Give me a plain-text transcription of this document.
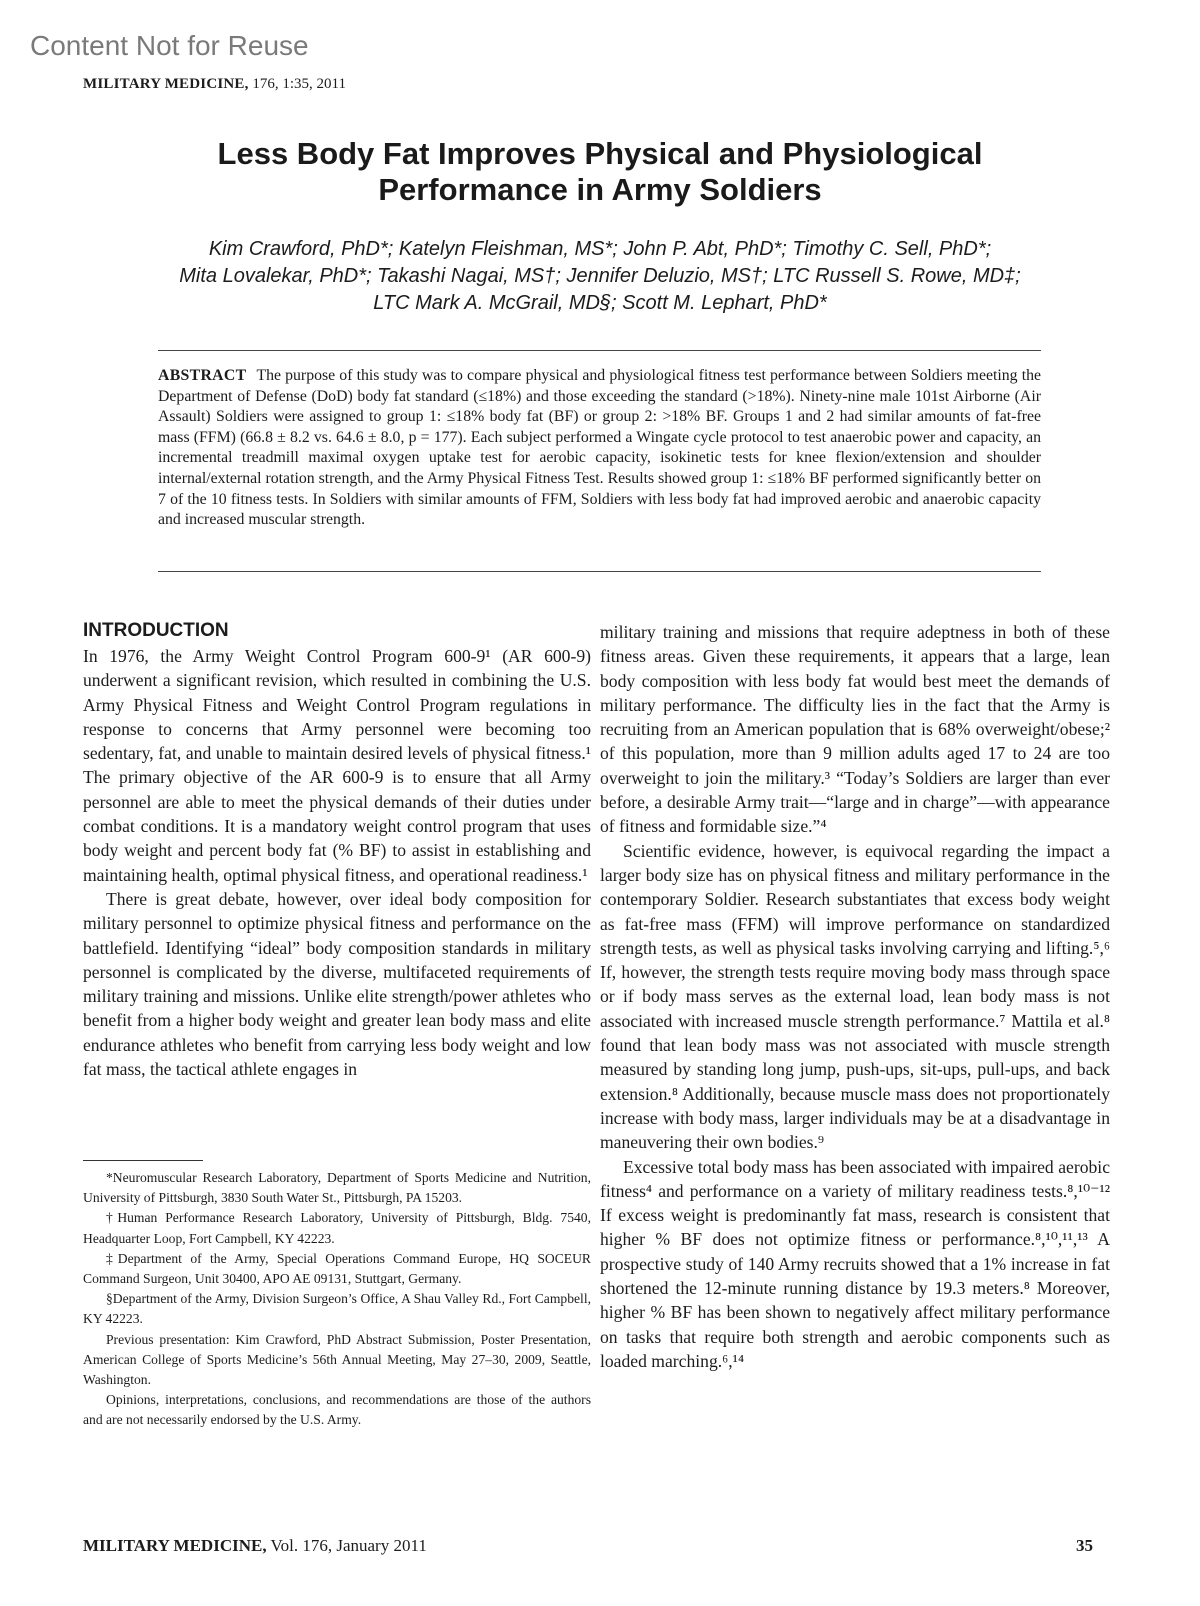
Content Not for Reuse
MILITARY MEDICINE, 176, 1:35, 2011
Less Body Fat Improves Physical and Physiological
Performance in Army Soldiers
Kim Crawford, PhD*; Katelyn Fleishman, MS*; John P. Abt, PhD*; Timothy C. Sell, PhD*;
Mita Lovalekar, PhD*; Takashi Nagai, MS†; Jennifer Deluzio, MS†; LTC Russell S. Rowe, MD‡;
LTC Mark A. McGrail, MD§; Scott M. Lephart, PhD*
ABSTRACT The purpose of this study was to compare physical and physiological fitness test performance between Soldiers meeting the Department of Defense (DoD) body fat standard (≤18%) and those exceeding the standard (>18%). Ninety-nine male 101st Airborne (Air Assault) Soldiers were assigned to group 1: ≤18% body fat (BF) or group 2: >18% BF. Groups 1 and 2 had similar amounts of fat-free mass (FFM) (66.8 ± 8.2 vs. 64.6 ± 8.0, p = 177). Each subject performed a Wingate cycle protocol to test anaerobic power and capacity, an incremental treadmill maximal oxygen uptake test for aerobic capacity, isokinetic tests for knee flexion/extension and shoulder internal/external rotation strength, and the Army Physical Fitness Test. Results showed group 1: ≤18% BF performed significantly better on 7 of the 10 fitness tests. In Soldiers with similar amounts of FFM, Soldiers with less body fat had improved aerobic and anaerobic capacity and increased muscular strength.
INTRODUCTION

In 1976, the Army Weight Control Program 600-9¹ (AR 600-9) underwent a significant revision, which resulted in combining the U.S. Army Physical Fitness and Weight Control Program regulations in response to concerns that Army personnel were becoming too sedentary, fat, and unable to maintain desired levels of physical fitness.¹ The primary objective of the AR 600-9 is to ensure that all Army personnel are able to meet the physical demands of their duties under combat conditions. It is a mandatory weight control program that uses body weight and percent body fat (% BF) to assist in establishing and maintaining health, optimal physical fitness, and operational readiness.¹

There is great debate, however, over ideal body composition for military personnel to optimize physical fitness and performance on the battlefield. Identifying “ideal” body composition standards in military personnel is complicated by the diverse, multifaceted requirements of military training and missions. Unlike elite strength/power athletes who benefit from a higher body weight and greater lean body mass and elite endurance athletes who benefit from carrying less body weight and low fat mass, the tactical athlete engages in

*Neuromuscular Research Laboratory, Department of Sports Medicine and Nutrition, University of Pittsburgh, 3830 South Water St., Pittsburgh, PA 15203.

†Human Performance Research Laboratory, University of Pittsburgh, Bldg. 7540, Headquarter Loop, Fort Campbell, KY 42223.

‡Department of the Army, Special Operations Command Europe, HQ SOCEUR Command Surgeon, Unit 30400, APO AE 09131, Stuttgart, Germany.

§Department of the Army, Division Surgeon’s Office, A Shau Valley Rd., Fort Campbell, KY 42223.

Previous presentation: Kim Crawford, PhD Abstract Submission, Poster Presentation, American College of Sports Medicine’s 56th Annual Meeting, May 27–30, 2009, Seattle, Washington.

Opinions, interpretations, conclusions, and recommendations are those of the authors and are not necessarily endorsed by the U.S. Army.

military training and missions that require adeptness in both of these fitness areas. Given these requirements, it appears that a large, lean body composition with less body fat would best meet the demands of military performance. The difficulty lies in the fact that the Army is recruiting from an American population that is 68% overweight/obese;² of this population, more than 9 million adults aged 17 to 24 are too overweight to join the military.³ “Today’s Soldiers are larger than ever before, a desirable Army trait—“large and in charge”—with appearance of fitness and formidable size.”⁴

Scientific evidence, however, is equivocal regarding the impact a larger body size has on physical fitness and military performance in the contemporary Soldier. Research substantiates that excess body weight as fat-free mass (FFM) will improve performance on standardized strength tests, as well as physical tasks involving carrying and lifting.⁵,⁶ If, however, the strength tests require moving body mass through space or if body mass serves as the external load, lean body mass is not associated with increased muscle strength performance.⁷ Mattila et al.⁸ found that lean body mass was not associated with muscle strength measured by standing long jump, push-ups, sit-ups, pull-ups, and back extension.⁸ Additionally, because muscle mass does not proportionately increase with body mass, larger individuals may be at a disadvantage in maneuvering their own bodies.⁹

Excessive total body mass has been associated with impaired aerobic fitness⁴ and performance on a variety of military readiness tests.⁸,¹⁰⁻¹² If excess weight is predominantly fat mass, research is consistent that higher % BF does not optimize fitness or performance.⁸,¹⁰,¹¹,¹³ A prospective study of 140 Army recruits showed that a 1% increase in fat shortened the 12-minute running distance by 19.3 meters.⁸ Moreover, higher % BF has been shown to negatively affect military performance on tasks that require both strength and aerobic components such as loaded marching.⁶,¹⁴

MILITARY MEDICINE, Vol. 176, January 2011	35
